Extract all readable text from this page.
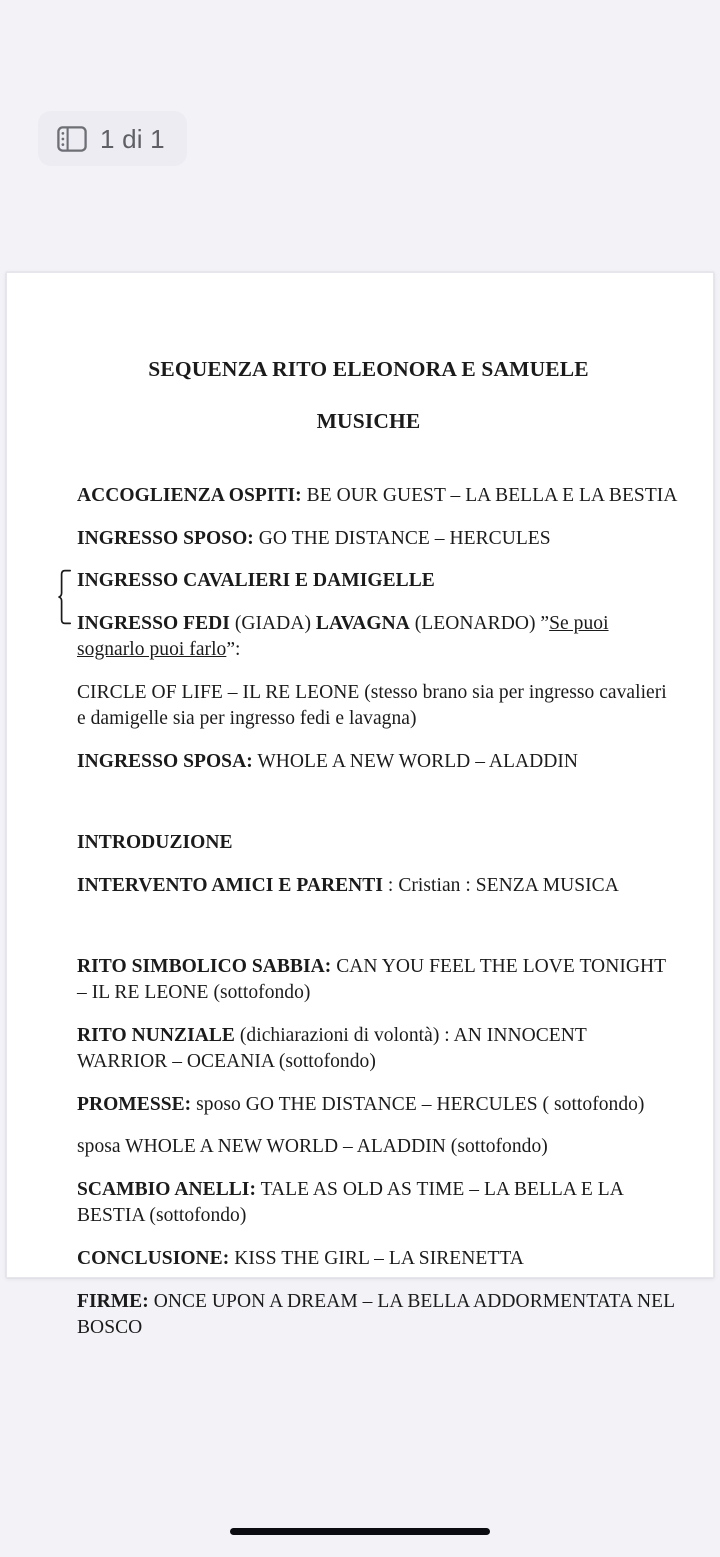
1 di 1
SEQUENZA RITO ELEONORA E SAMUELE
MUSICHE

ACCOGLIENZA OSPITI: BE OUR GUEST – LA BELLA E LA BESTIA

INGRESSO SPOSO: GO THE DISTANCE – HERCULES

INGRESSO CAVALIERI E DAMIGELLE

INGRESSO FEDI (GIADA) LAVAGNA (LEONARDO) ”Se puoi sognarlo puoi farlo”:

CIRCLE OF LIFE – IL RE LEONE (stesso brano sia per ingresso cavalieri e damigelle sia per ingresso fedi e lavagna)

INGRESSO SPOSA: WHOLE A NEW WORLD – ALADDIN

INTRODUZIONE

INTERVENTO AMICI E PARENTI : Cristian : SENZA MUSICA

RITO SIMBOLICO SABBIA: CAN YOU FEEL THE LOVE TONIGHT – IL RE LEONE (sottofondo)

RITO NUNZIALE (dichiarazioni di volontà) : AN INNOCENT WARRIOR – OCEANIA (sottofondo)

PROMESSE: sposo GO THE DISTANCE – HERCULES ( sottofondo)

sposa WHOLE A NEW WORLD – ALADDIN (sottofondo)

SCAMBIO ANELLI: TALE AS OLD AS TIME – LA BELLA E LA BESTIA (sottofondo)

CONCLUSIONE: KISS THE GIRL – LA SIRENETTA

FIRME: ONCE UPON A DREAM – LA BELLA ADDORMENTATA NEL BOSCO
